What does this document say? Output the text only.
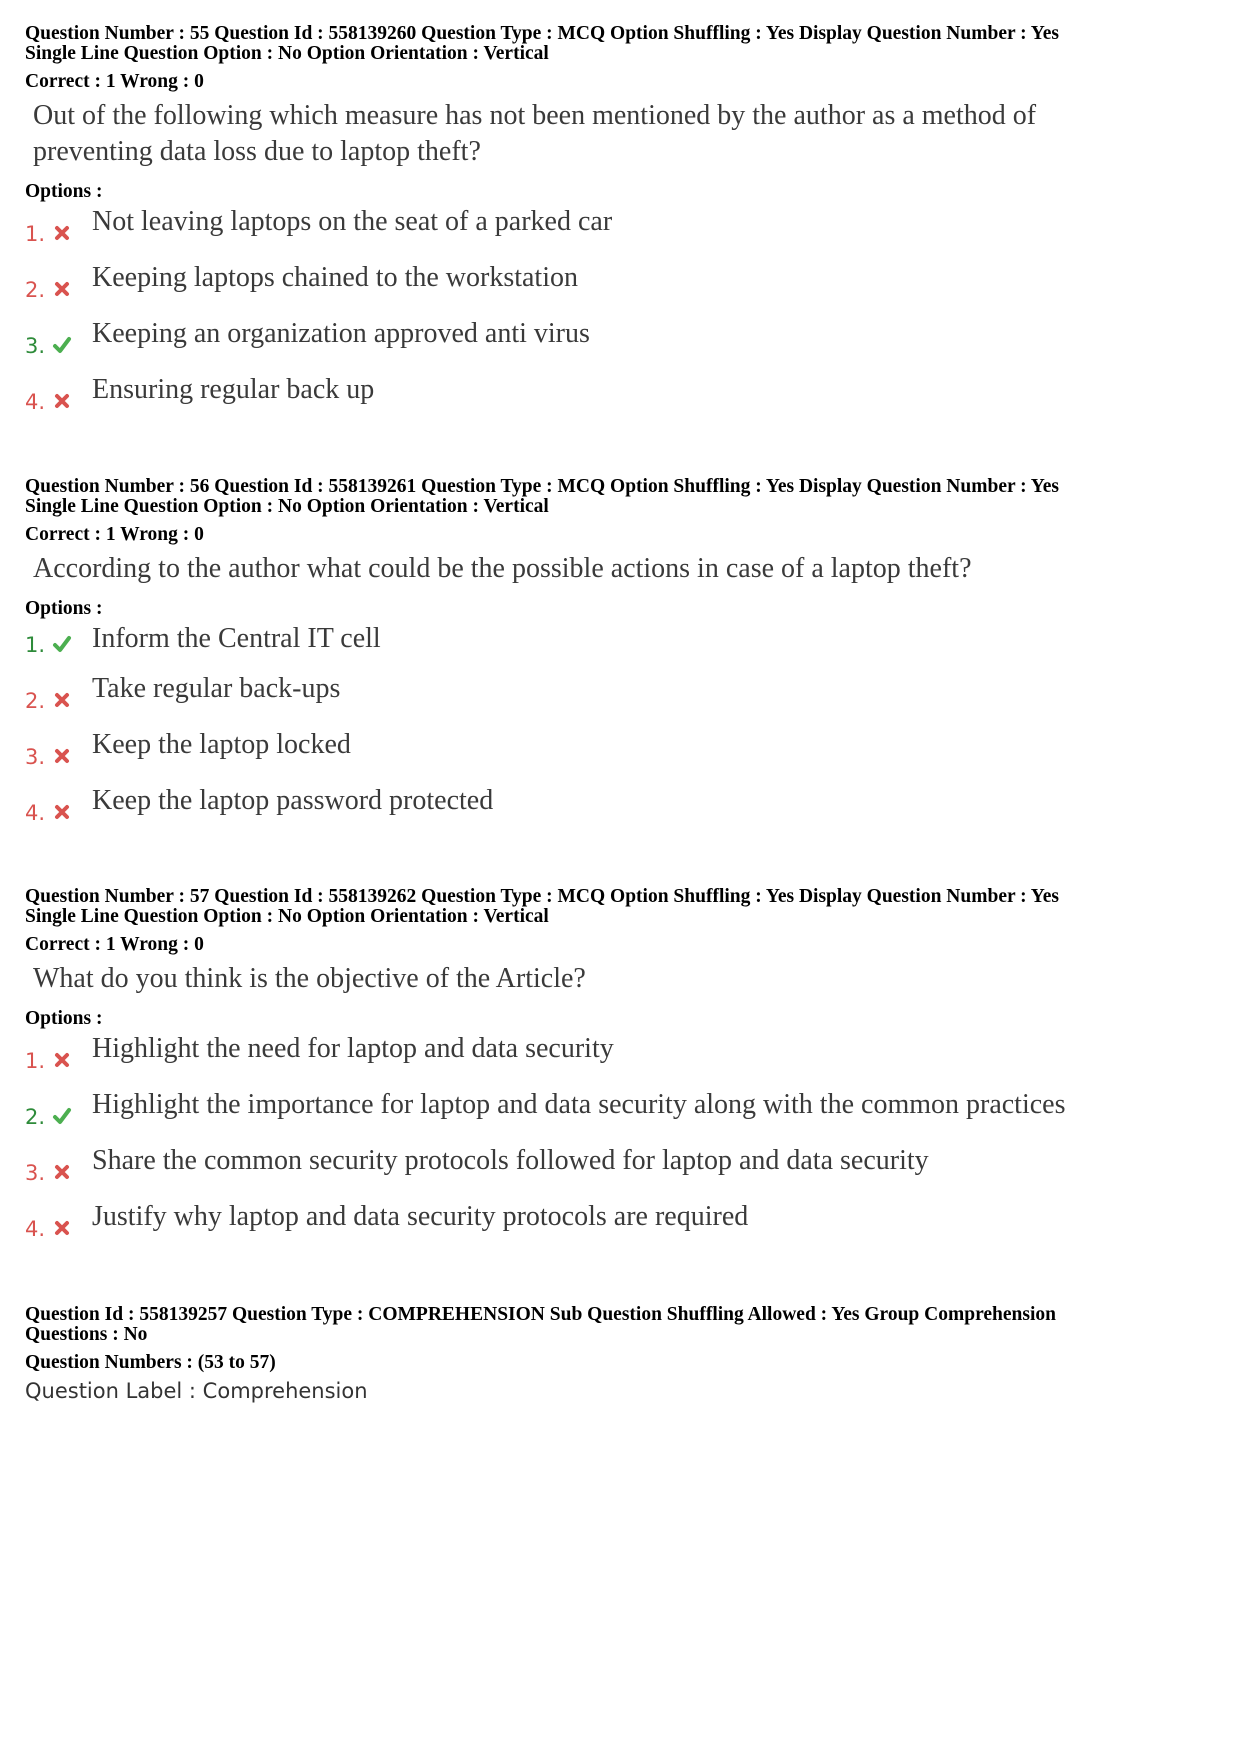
Question Number : 55 Question Id : 558139260 Question Type : MCQ Option Shuffling : Yes Display Question Number : Yes
Single Line Question Option : No Option Orientation : Vertical
Correct : 1 Wrong : 0
Out of the following which measure has not been mentioned by the author as a method of preventing data loss due to laptop theft?
Options :
1. Not leaving laptops on the seat of a parked car
2. Keeping laptops chained to the workstation
3. Keeping an organization approved anti virus
4. Ensuring regular back up
Question Number : 56 Question Id : 558139261 Question Type : MCQ Option Shuffling : Yes Display Question Number : Yes
Single Line Question Option : No Option Orientation : Vertical
Correct : 1 Wrong : 0
According to the author what could be the possible actions in case of a laptop theft?
Options :
1. Inform the Central IT cell
2. Take regular back-ups
3. Keep the laptop locked
4. Keep the laptop password protected
Question Number : 57 Question Id : 558139262 Question Type : MCQ Option Shuffling : Yes Display Question Number : Yes
Single Line Question Option : No Option Orientation : Vertical
Correct : 1 Wrong : 0
What do you think is the objective of the Article?
Options :
1. Highlight the need for laptop and data security
2. Highlight the importance for laptop and data security along with the common practices
3. Share the common security protocols followed for laptop and data security
4. Justify why laptop and data security protocols are required
Question Id : 558139257 Question Type : COMPREHENSION Sub Question Shuffling Allowed : Yes Group Comprehension
Questions : No
Question Numbers : (53 to 57)
Question Label : Comprehension
